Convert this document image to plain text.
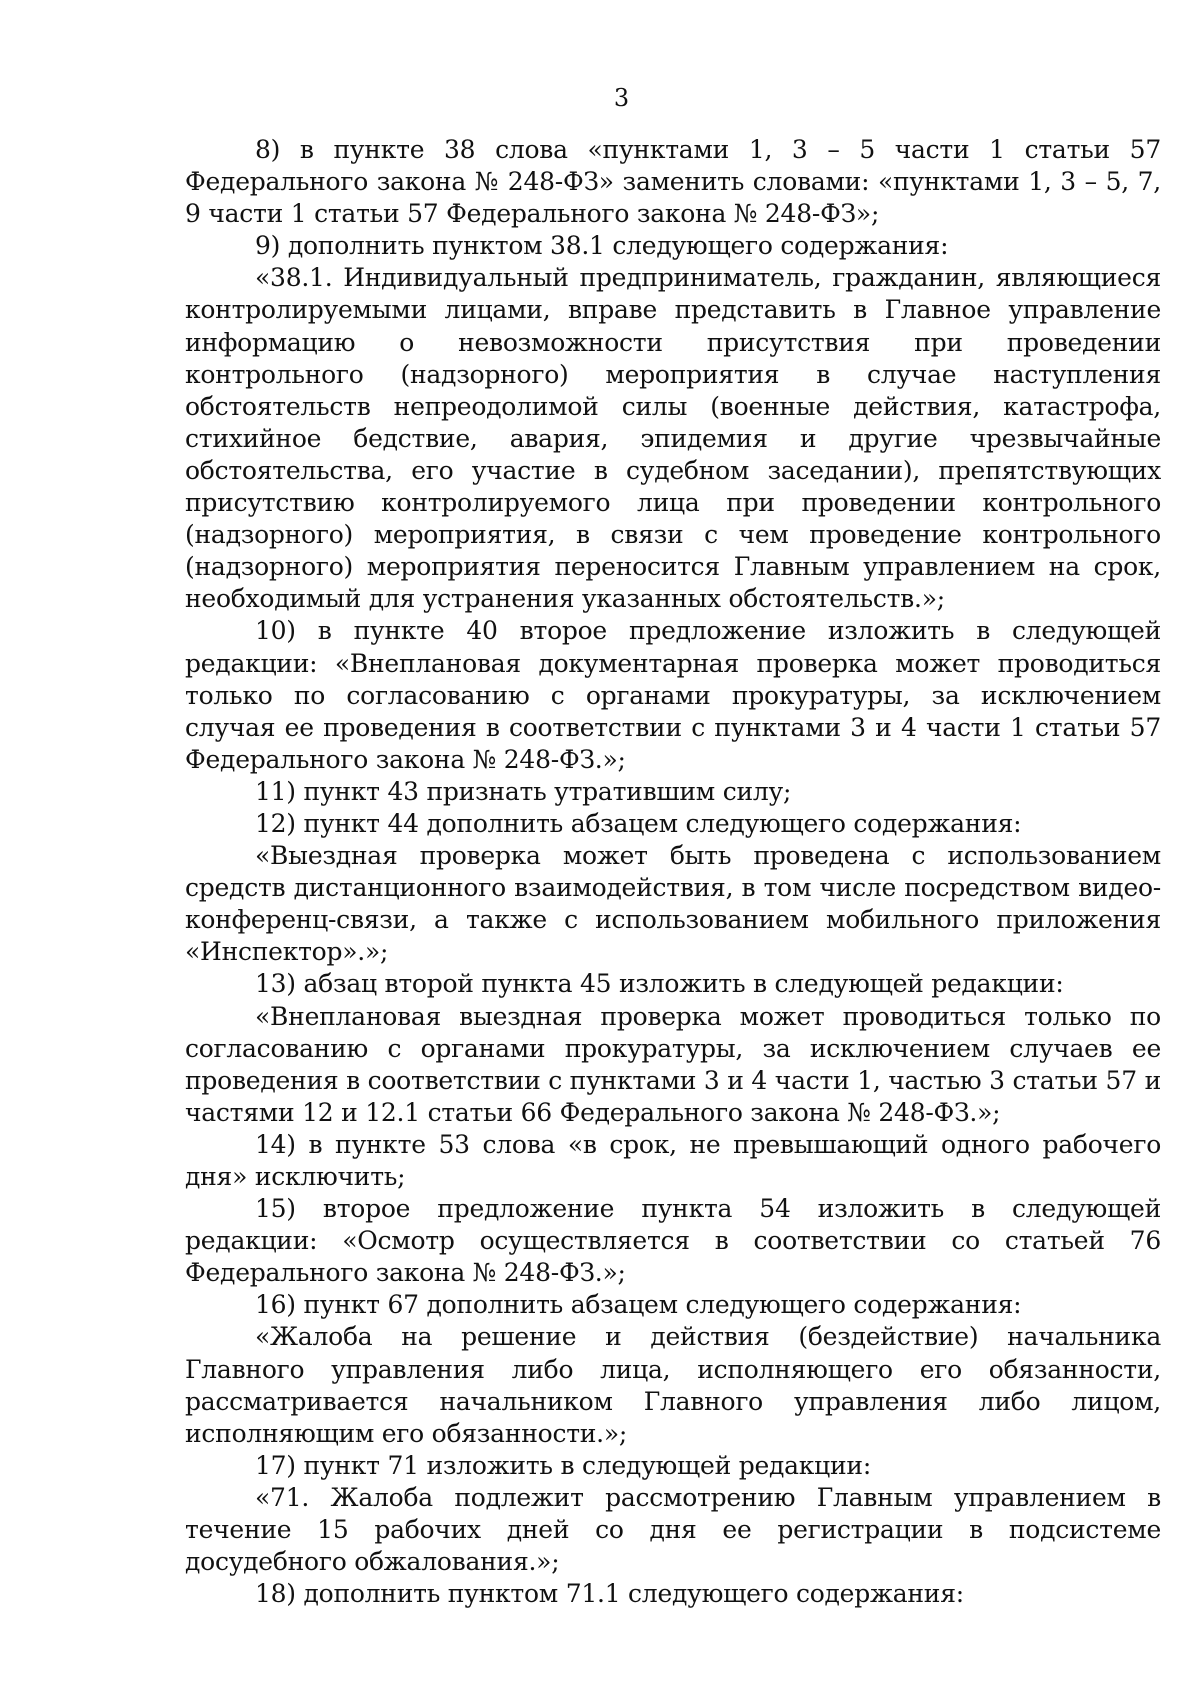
3

8) в пункте 38 слова «пунктами 1, 3 – 5 части 1 статьи 57 Федерального закона № 248-ФЗ» заменить словами: «пунктами 1, 3 – 5, 7, 9 части 1 статьи 57 Федерального закона № 248-ФЗ»;

9) дополнить пунктом 38.1 следующего содержания:

«38.1. Индивидуальный предприниматель, гражданин, являющиеся контролируемыми лицами, вправе представить в Главное управление информацию о невозможности присутствия при проведении контрольного (надзорного) мероприятия в случае наступления обстоятельств непреодолимой силы (военные действия, катастрофа, стихийное бедствие, авария, эпидемия и другие чрезвычайные обстоятельства, его участие в судебном заседании), препятствующих присутствию контролируемого лица при проведении контрольного (надзорного) мероприятия, в связи с чем проведение контрольного (надзорного) мероприятия переносится Главным управлением на срок, необходимый для устранения указанных обстоятельств.»;

10) в пункте 40 второе предложение изложить в следующей редакции: «Внеплановая документарная проверка может проводиться только по согласованию с органами прокуратуры, за исключением случая ее проведения в соответствии с пунктами 3 и 4 части 1 статьи 57 Федерального закона № 248-ФЗ.»;

11) пункт 43 признать утратившим силу;

12) пункт 44 дополнить абзацем следующего содержания:

«Выездная проверка может быть проведена с использованием средств дистанционного взаимодействия, в том числе посредством видео-конференц-связи, а также с использованием мобильного приложения «Инспектор».»;

13) абзац второй пункта 45 изложить в следующей редакции:

«Внеплановая выездная проверка может проводиться только по согласованию с органами прокуратуры, за исключением случаев ее проведения в соответствии с пунктами 3 и 4 части 1, частью 3 статьи 57 и частями 12 и 12.1 статьи 66 Федерального закона № 248-ФЗ.»;

14) в пункте 53 слова «в срок, не превышающий одного рабочего дня» исключить;

15) второе предложение пункта 54 изложить в следующей редакции: «Осмотр осуществляется в соответствии со статьей 76 Федерального закона № 248-ФЗ.»;

16) пункт 67 дополнить абзацем следующего содержания:

«Жалоба на решение и действия (бездействие) начальника Главного управления либо лица, исполняющего его обязанности, рассматривается начальником Главного управления либо лицом, исполняющим его обязанности.»;

17) пункт 71 изложить в следующей редакции:

«71. Жалоба подлежит рассмотрению Главным управлением в течение 15 рабочих дней со дня ее регистрации в подсистеме досудебного обжалования.»;

18) дополнить пунктом 71.1 следующего содержания:
